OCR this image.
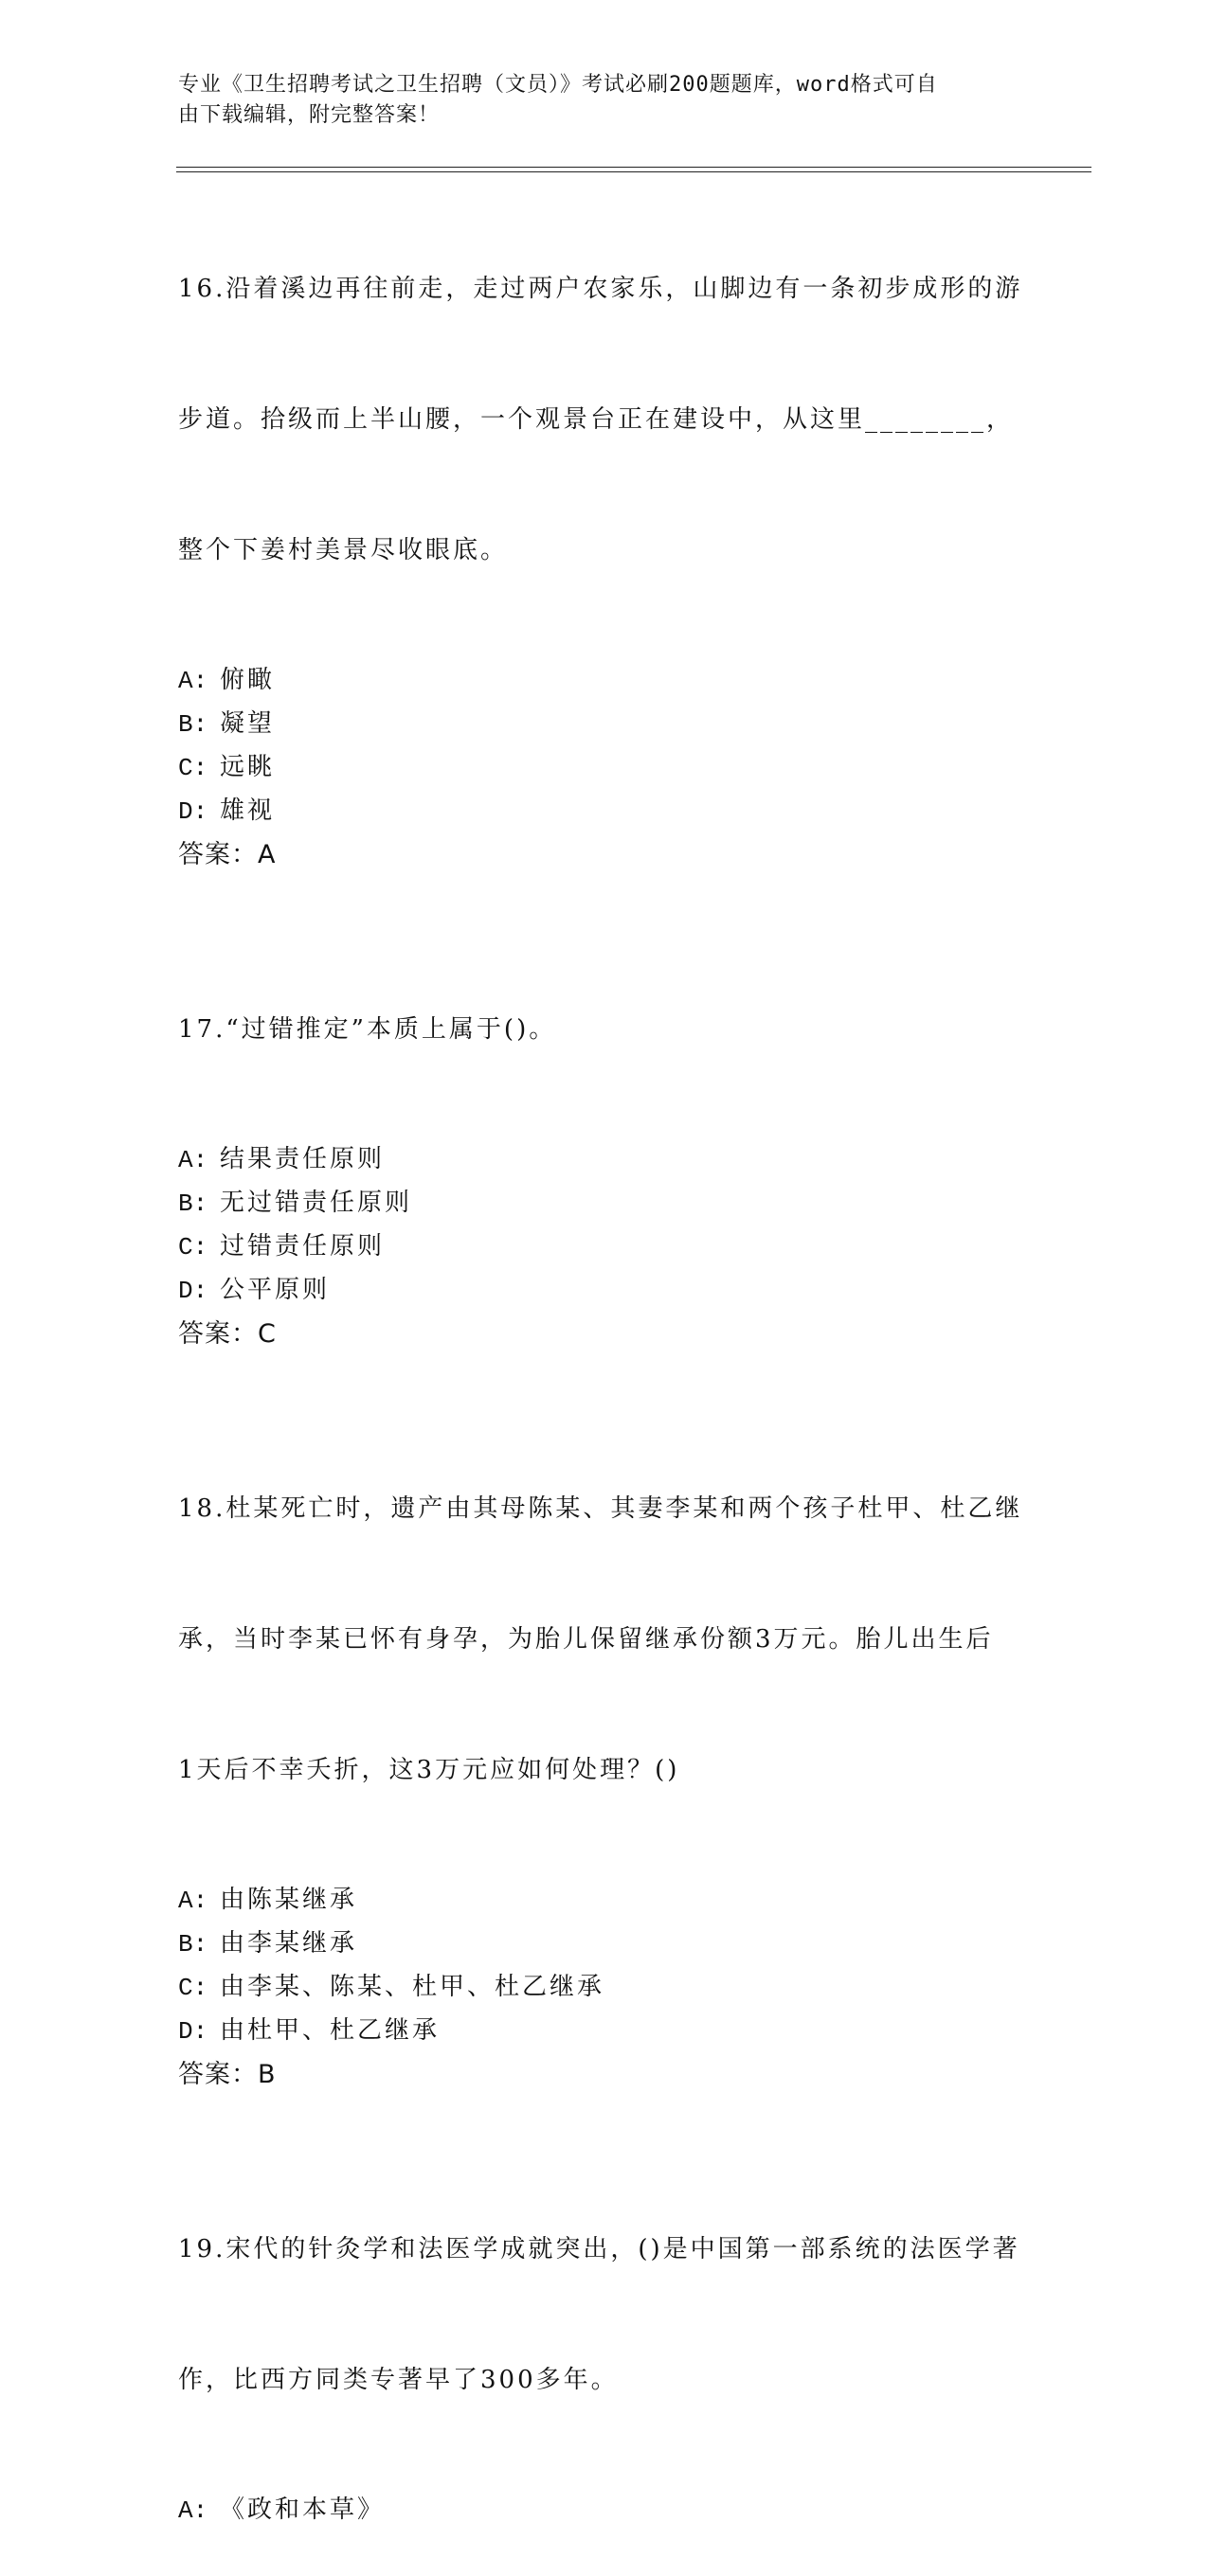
专业《卫生招聘考试之卫生招聘（文员）》考试必刷200题题库，word格式可自
由下载编辑，附完整答案！

16.沿着溪边再往前走，走过两户农家乐，山脚边有一条初步成形的游

步道。拾级而上半山腰，一个观景台正在建设中，从这里________，

整个下姜村美景尽收眼底。

A: 俯瞰
B: 凝望
C: 远眺
D: 雄视
答案：A

17.“过错推定”本质上属于()。

A: 结果责任原则
B: 无过错责任原则
C: 过错责任原则
D: 公平原则
答案：C

18.杜某死亡时，遗产由其母陈某、其妻李某和两个孩子杜甲、杜乙继

承，当时李某已怀有身孕，为胎儿保留继承份额3万元。胎儿出生后

1天后不幸夭折，这3万元应如何处理？()

A: 由陈某继承
B: 由李某继承
C: 由李某、陈某、杜甲、杜乙继承
D: 由杜甲、杜乙继承
答案：B

19.宋代的针灸学和法医学成就突出，()是中国第一部系统的法医学著

作，比西方同类专著早了300多年。

A: 《政和本草》
